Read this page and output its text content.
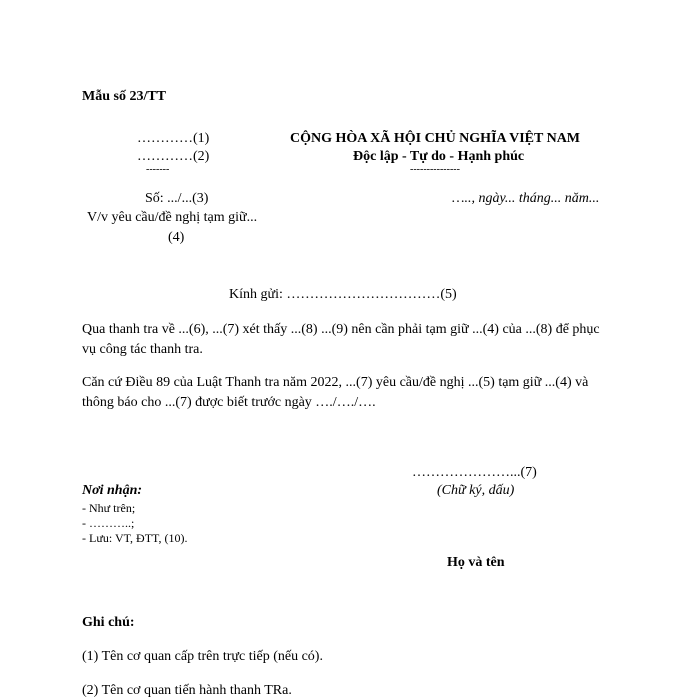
Mẫu số 23/TT
…………(1)
…………(2)
-------
Số: .../...(3)
V/v yêu cầu/đề nghị tạm giữ...
(4)
CỘNG HÒA XÃ HỘI CHỦ NGHĨA VIỆT NAM
Độc lập - Tự do - Hạnh phúc
---------------
….., ngày... tháng... năm...
Kính gửi: ……………………………(5)
Qua thanh tra về ...(6), ...(7) xét thấy ...(8) ...(9) nên cần phải tạm giữ ...(4) của ...(8) để phục vụ công tác thanh tra.
Căn cứ Điều 89 của Luật Thanh tra năm 2022, ...(7) yêu cầu/đề nghị ...(5) tạm giữ ...(4) và thông báo cho ...(7) được biết trước ngày …./…./….
…………………...(7)
(Chữ ký, dấu)
Họ và tên
Nơi nhận:
- Như trên;
- ………..;
- Lưu: VT, ĐTT, (10).
Ghi chú:
(1) Tên cơ quan cấp trên trực tiếp (nếu có).
(2) Tên cơ quan tiến hành thanh TRa.
